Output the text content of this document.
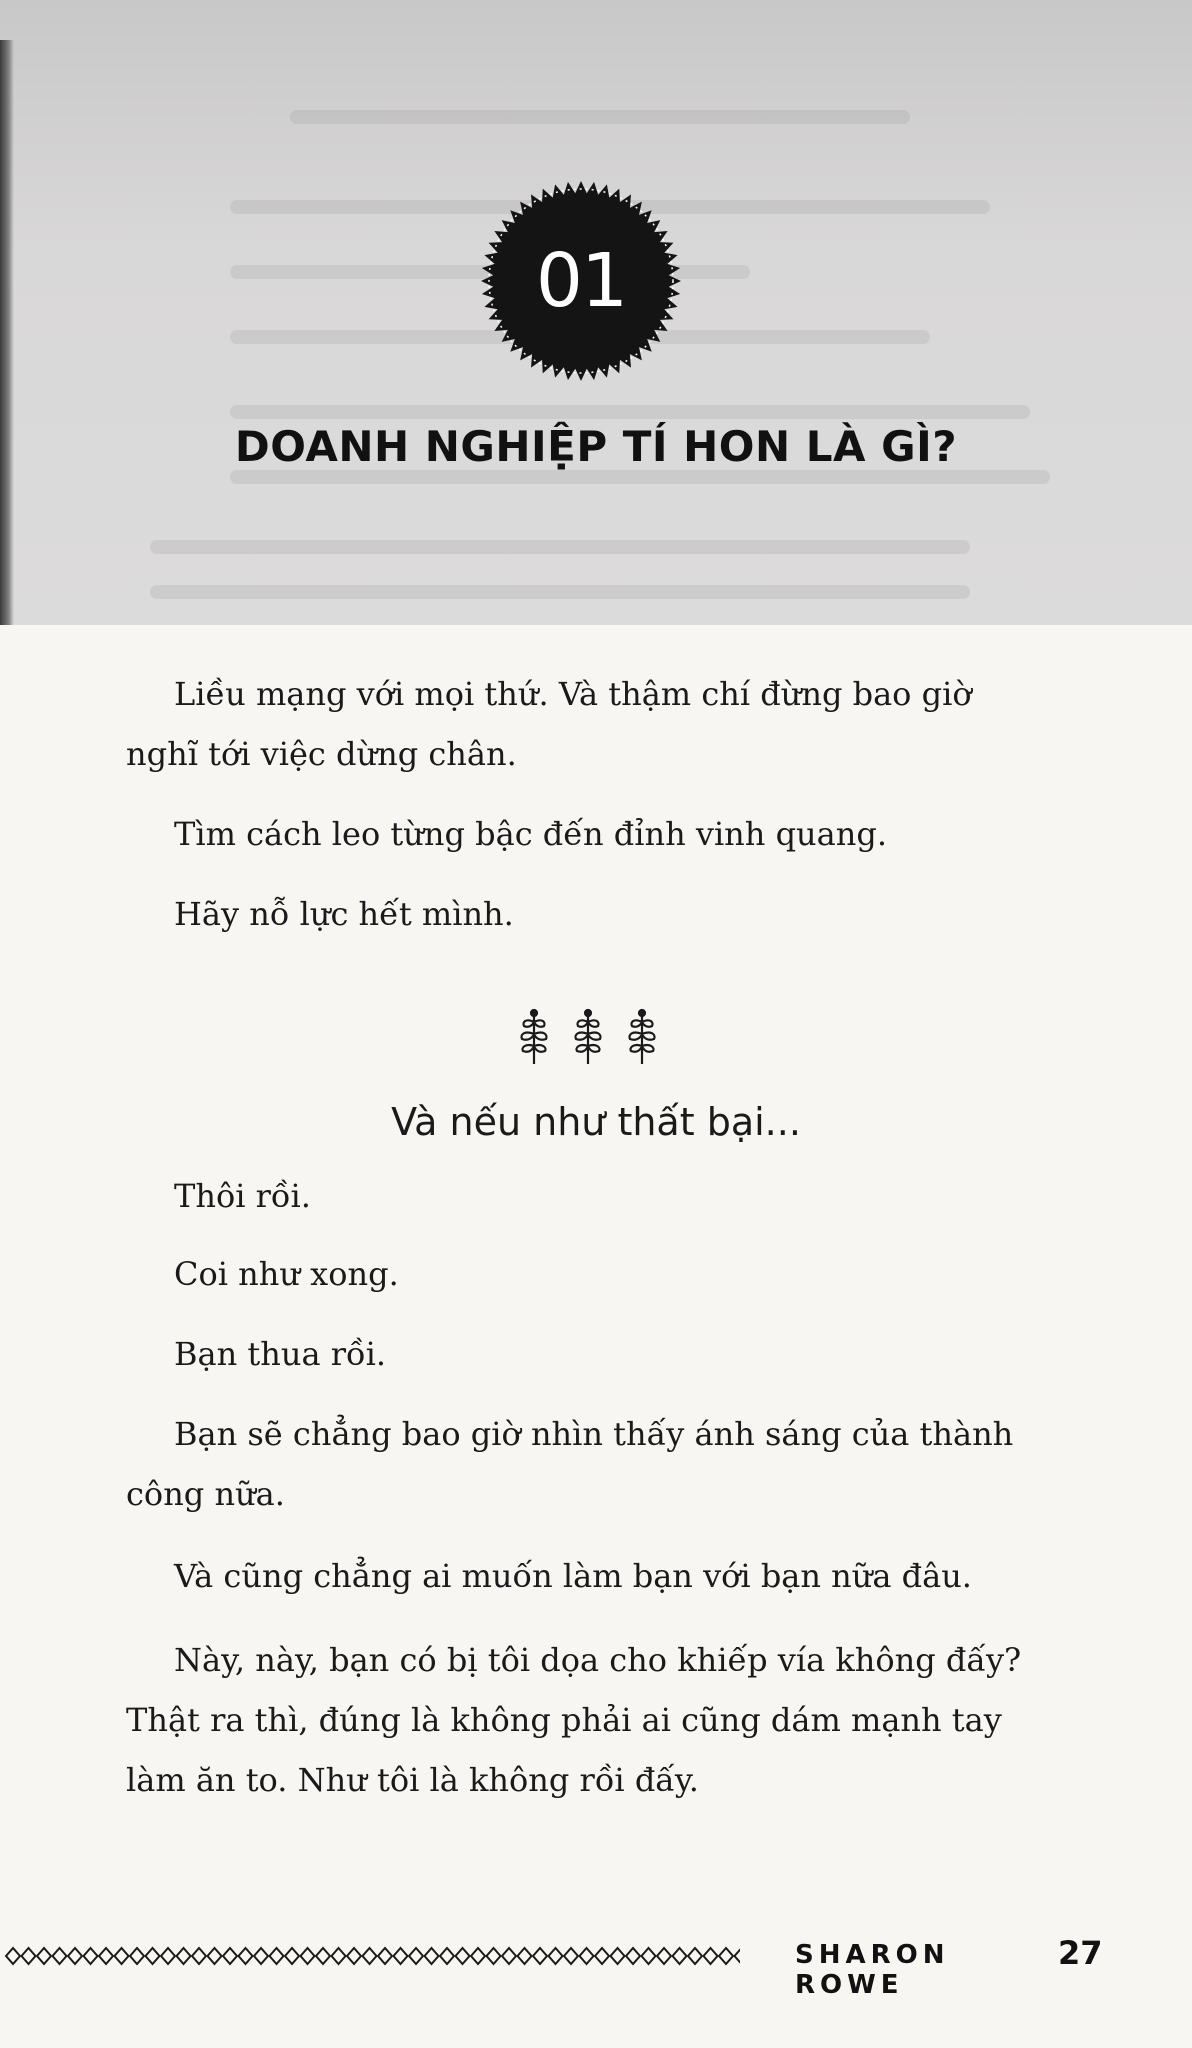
01
DOANH NGHIỆP TÍ HON LÀ GÌ?

Liều mạng với mọi thứ. Và thậm chí đừng bao giờ
nghĩ tới việc dừng chân.

Tìm cách leo từng bậc đến đỉnh vinh quang.

Hãy nỗ lực hết mình.

Và nếu như thất bại...

Thôi rồi.

Coi như xong.

Bạn thua rồi.

Bạn sẽ chẳng bao giờ nhìn thấy ánh sáng của thành
công nữa.

Và cũng chẳng ai muốn làm bạn với bạn nữa đâu.

Này, này, bạn có bị tôi dọa cho khiếp vía không đấy?
Thật ra thì, đúng là không phải ai cũng dám mạnh tay
làm ăn to. Như tôi là không rồi đấy.

SHARON ROWE
27
